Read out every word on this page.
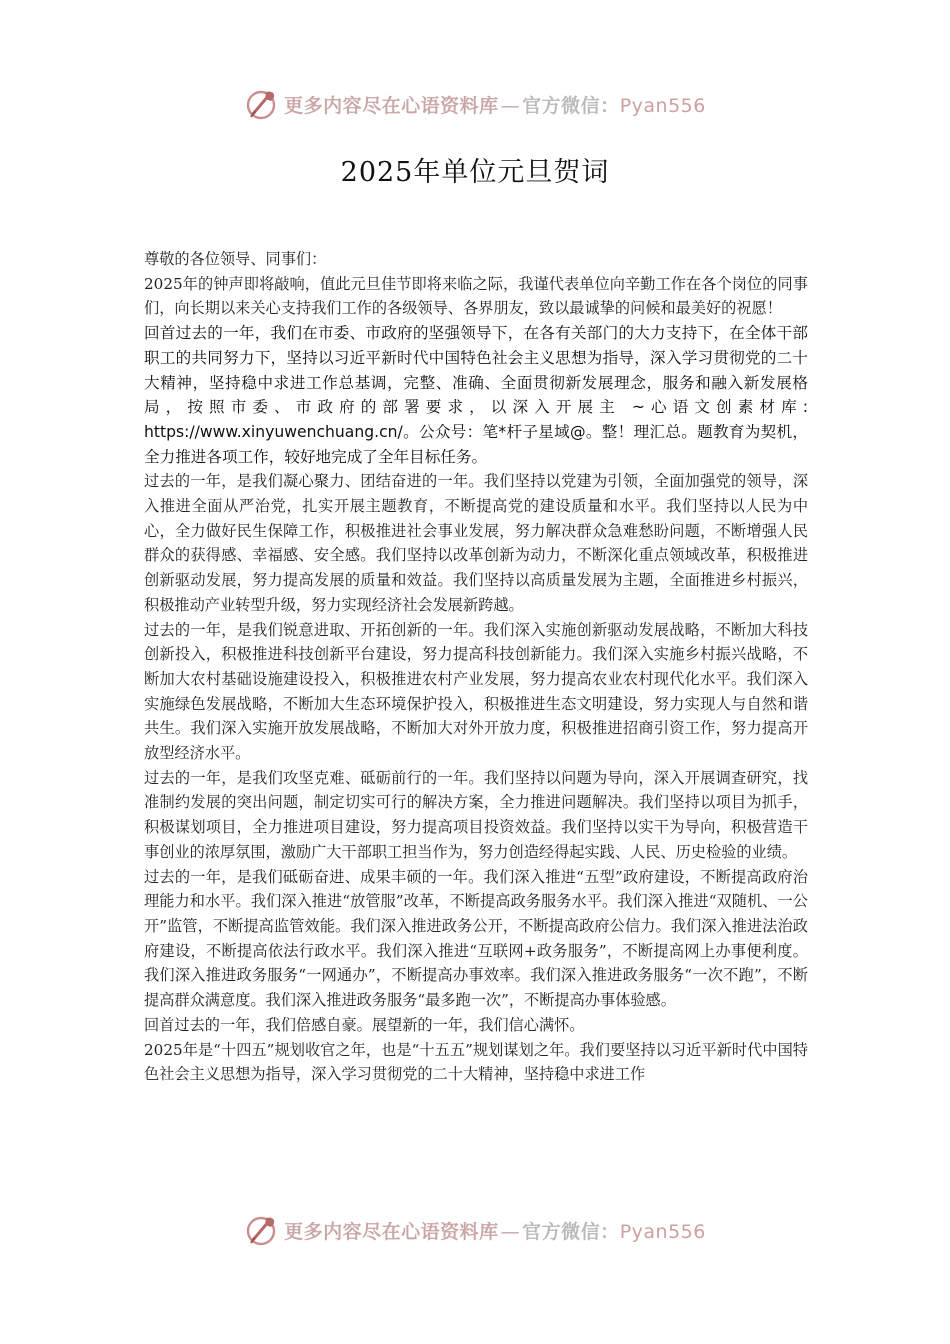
更多内容尽在心语资料库 — 官方微信：Pyan556
2025年单位元旦贺词

尊敬的各位领导、同事们：

2025年的钟声即将敲响，值此元旦佳节即将来临之际，我谨代表单位向辛勤工作在各个岗位的同事们，向长期以来关心支持我们工作的各级领导、各界朋友，致以最诚挚的问候和最美好的祝愿！

回首过去的一年，我们在市委、市政府的坚强领导下，在各有关部门的大力支持下，在全体干部职工的共同努力下，坚持以习近平新时代中国特色社会主义思想为指导，深入学习贯彻党的二十大精神，坚持稳中求进工作总基调，完整、准确、全面贯彻新发展理念，服务和融入新发展格局，按照市委、市政府的部署要求，以深入开展主 ~心语文创素材库: https://www.xinyuwenchuang.cn/。公众号：笔*杆子星域@。整！理汇总。题教育为契机，全力推进各项工作，较好地完成了全年目标任务。

过去的一年，是我们凝心聚力、团结奋进的一年。我们坚持以党建为引领，全面加强党的领导，深入推进全面从严治党，扎实开展主题教育，不断提高党的建设质量和水平。我们坚持以人民为中心，全力做好民生保障工作，积极推进社会事业发展，努力解决群众急难愁盼问题，不断增强人民群众的获得感、幸福感、安全感。我们坚持以改革创新为动力，不断深化重点领域改革，积极推进创新驱动发展，努力提高发展的质量和效益。我们坚持以高质量发展为主题，全面推进乡村振兴，积极推动产业转型升级，努力实现经济社会发展新跨越。

过去的一年，是我们锐意进取、开拓创新的一年。我们深入实施创新驱动发展战略，不断加大科技创新投入，积极推进科技创新平台建设，努力提高科技创新能力。我们深入实施乡村振兴战略，不断加大农村基础设施建设投入，积极推进农村产业发展，努力提高农业农村现代化水平。我们深入实施绿色发展战略，不断加大生态环境保护投入，积极推进生态文明建设，努力实现人与自然和谐共生。我们深入实施开放发展战略，不断加大对外开放力度，积极推进招商引资工作，努力提高开放型经济水平。

过去的一年，是我们攻坚克难、砥砺前行的一年。我们坚持以问题为导向，深入开展调查研究，找准制约发展的突出问题，制定切实可行的解决方案，全力推进问题解决。我们坚持以项目为抓手，积极谋划项目，全力推进项目建设，努力提高项目投资效益。我们坚持以实干为导向，积极营造干事创业的浓厚氛围，激励广大干部职工担当作为，努力创造经得起实践、人民、历史检验的业绩。

过去的一年，是我们砥砺奋进、成果丰硕的一年。我们深入推进“五型”政府建设，不断提高政府治理能力和水平。我们深入推进“放管服”改革，不断提高政务服务水平。我们深入推进“双随机、一公开”监管，不断提高监管效能。我们深入推进政务公开，不断提高政府公信力。我们深入推进法治政府建设，不断提高依法行政水平。我们深入推进“互联网+政务服务”，不断提高网上办事便利度。我们深入推进政务服务“一网通办”，不断提高办事效率。我们深入推进政务服务“一次不跑”，不断提高群众满意度。我们深入推进政务服务“最多跑一次”，不断提高办事体验感。

回首过去的一年，我们倍感自豪。展望新的一年，我们信心满怀。

2025年是“十四五”规划收官之年，也是“十五五”规划谋划之年。我们要坚持以习近平新时代中国特色社会主义思想为指导，深入学习贯彻党的二十大精神，坚持稳中求进工作

更多内容尽在心语资料库 — 官方微信：Pyan556
